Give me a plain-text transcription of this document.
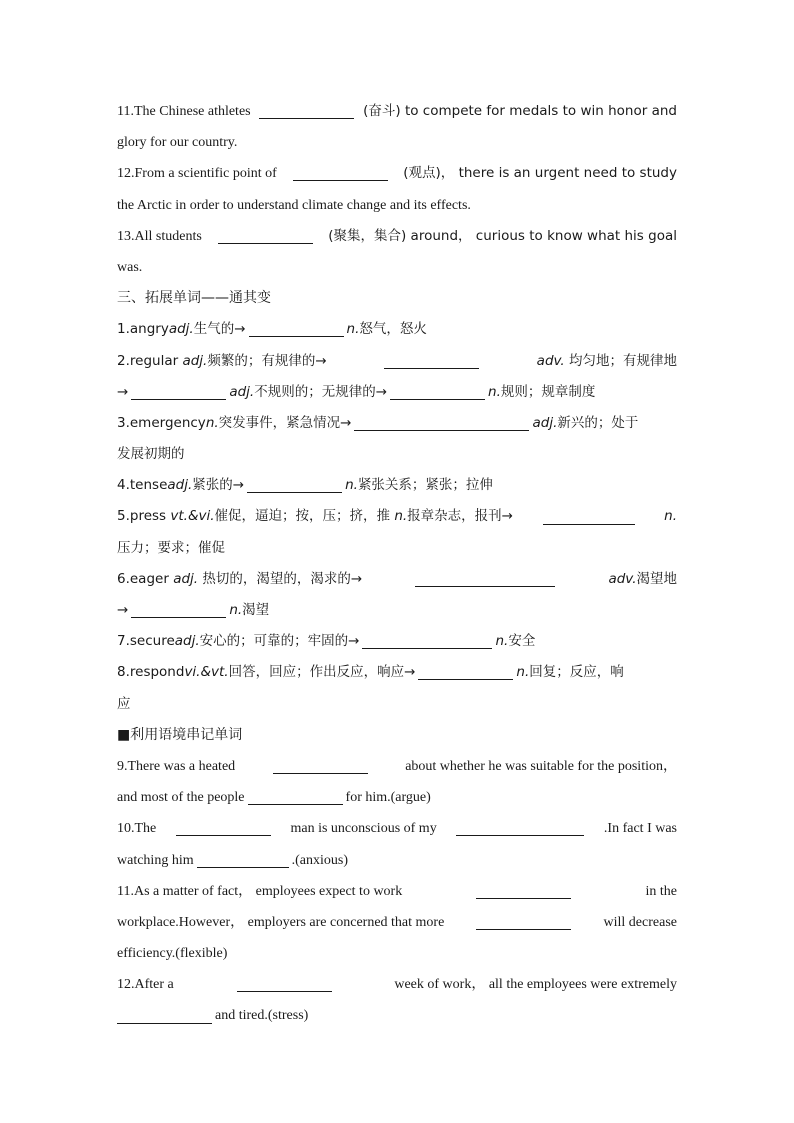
11.The Chinese athletes	(奋斗) to compete for medals to win honor and
glory for our country.
12.From a scientific point of	(观点)， there is an urgent need to study
the Arctic in order to understand climate change and its effects.
13.All students	(聚集，集合) around， curious to know what his goal
was.
三、拓展单词——通其变
1.angry adj. 生气的→	n. 怒气，怒火
2.regular adj.频繁的；有规律的→	adv. 均匀地；有规律地
→	adj. 不规则的；无规律的→	n. 规则；规章制度
3.emergency n. 突发事件，紧急情况→	adj. 新兴的；处于
发展初期的
4.tense adj. 紧张的→	n. 紧张关系；紧张；拉伸
5.press vt.&vi.催促，逼迫；按，压；挤，推 n.报章杂志，报刊→	n.
压力；要求；催促
6.eager adj. 热切的，渴望的，渴求的→	adv.渴望地
→	n. 渴望
7.secure adj. 安心的；可靠的；牢固的→	n. 安全
8.respond vi.&vt. 回答，回应；作出反应，响应→	n. 回复；反应，响
应
■利用语境串记单词
9.There was a heated	about whether he was suitable for the position，
and most of the people	for him.(argue)
10.The	man is unconscious of my	.In fact I was
watching him	.(anxious)
11.As a matter of fact， employees expect to work	in the
workplace.However， employers are concerned that more	will decrease
efficiency.(flexible)
12.After a	week of work， all the employees were extremely
and tired.(stress)
